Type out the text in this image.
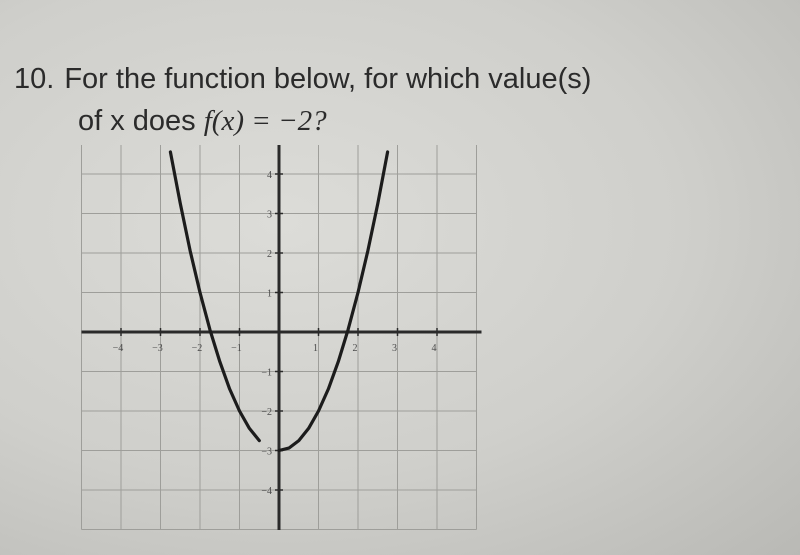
10. For the function below, for which value(s)
of x does f(x) = −2?
−4	−3	−2	−1	1	2	3	4
−4
−3
−2
−1
1
2
3
4
